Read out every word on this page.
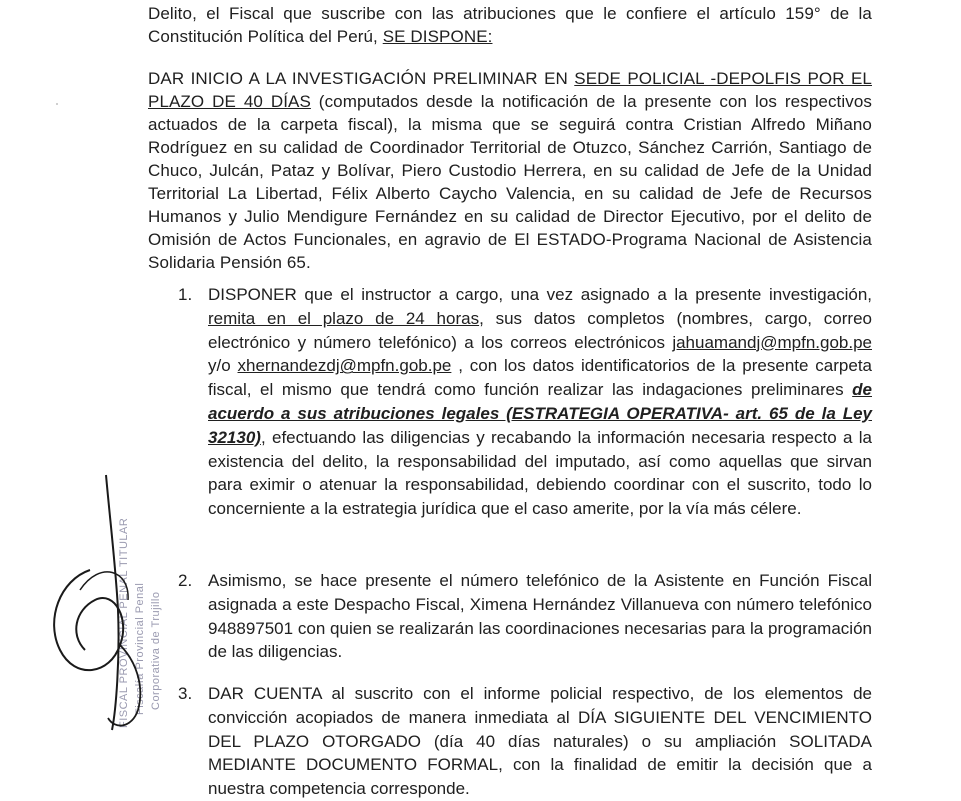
Delito, el Fiscal que suscribe con las atribuciones que le confiere el artículo 159° de la Constitución Política del Perú, SE DISPONE:

DAR INICIO A LA INVESTIGACIÓN PRELIMINAR EN SEDE POLICIAL -DEPOLFIS POR EL PLAZO DE 40 DÍAS (computados desde la notificación de la presente con los respectivos actuados de la carpeta fiscal), la misma que se seguirá contra Cristian Alfredo Miñano Rodríguez en su calidad de Coordinador Territorial de Otuzco, Sánchez Carrión, Santiago de Chuco, Julcán, Pataz y Bolívar, Piero Custodio Herrera, en su calidad de Jefe de la Unidad Territorial La Libertad, Félix Alberto Caycho Valencia, en su calidad de Jefe de Recursos Humanos y Julio Mendigure Fernández en su calidad de Director Ejecutivo, por el delito de Omisión de Actos Funcionales, en agravio de El ESTADO-Programa Nacional de Asistencia Solidaria Pensión 65.

1. DISPONER que el instructor a cargo, una vez asignado a la presente investigación, remita en el plazo de 24 horas, sus datos completos (nombres, cargo, correo electrónico y número telefónico) a los correos electrónicos jahuamandj@mpfn.gob.pe y/o xhernandezdj@mpfn.gob.pe , con los datos identificatorios de la presente carpeta fiscal, el mismo que tendrá como función realizar las indagaciones preliminares de acuerdo a sus atribuciones legales (ESTRATEGIA OPERATIVA- art. 65 de la Ley 32130), efectuando las diligencias y recabando la información necesaria respecto a la existencia del delito, la responsabilidad del imputado, así como aquellas que sirvan para eximir o atenuar la responsabilidad, debiendo coordinar con el suscrito, todo lo concerniente a la estrategia jurídica que el caso amerite, por la vía más célere.
2. Asimismo, se hace presente el número telefónico de la Asistente en Función Fiscal asignada a este Despacho Fiscal, Ximena Hernández Villanueva con número telefónico 948897501 con quien se realizarán las coordinaciones necesarias para la programación de las diligencias.
3. DAR CUENTA al suscrito con el informe policial respectivo, de los elementos de convicción acopiados de manera inmediata al DÍA SIGUIENTE DEL VENCIMIENTO DEL PLAZO OTORGADO (día 40 días naturales) o su ampliación SOLITADA MEDIANTE DOCUMENTO FORMAL, con la finalidad de emitir la decisión que a nuestra competencia corresponde.
FISCAL PROVINCIAL PENAL TITULAR Fiscalía Provincial Penal Corporativa de Trujillo
